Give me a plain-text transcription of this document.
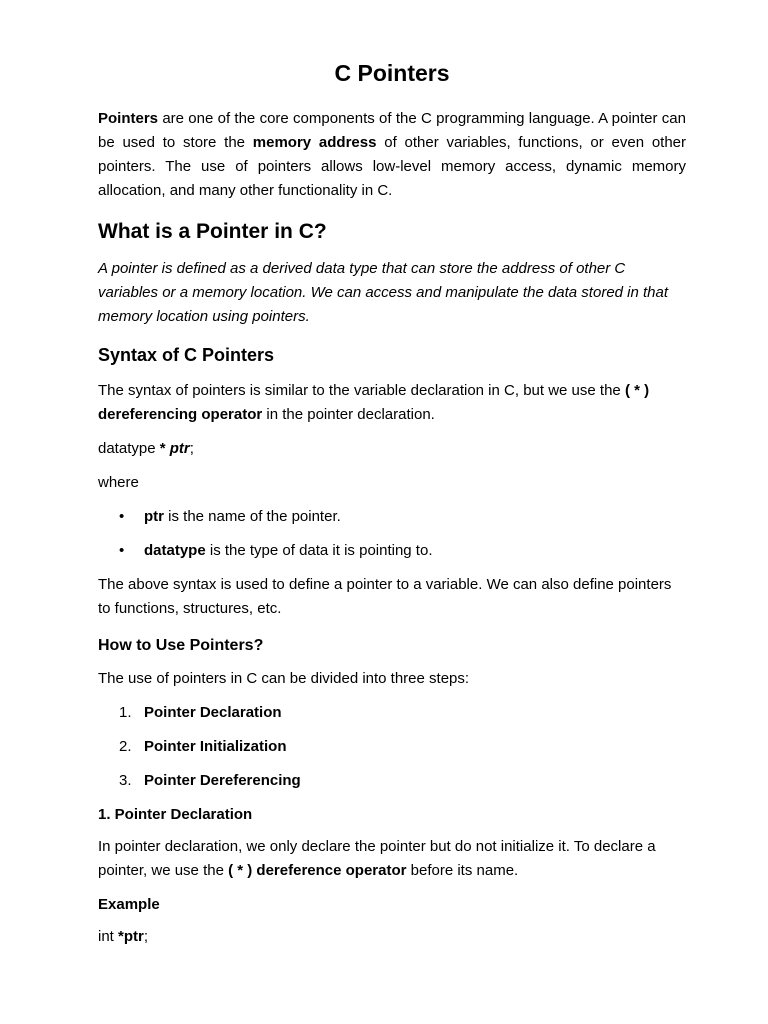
C Pointers

Pointers are one of the core components of the C programming language. A pointer can be used to store the memory address of other variables, functions, or even other pointers. The use of pointers allows low-level memory access, dynamic memory allocation, and many other functionality in C.

What is a Pointer in C?

A pointer is defined as a derived data type that can store the address of other C variables or a memory location. We can access and manipulate the data stored in that memory location using pointers.

Syntax of C Pointers

The syntax of pointers is similar to the variable declaration in C, but we use the ( * ) dereferencing operator in the pointer declaration.

datatype * ptr;

where

• ptr is the name of the pointer.
• datatype is the type of data it is pointing to.

The above syntax is used to define a pointer to a variable. We can also define pointers to functions, structures, etc.

How to Use Pointers?

The use of pointers in C can be divided into three steps:

1. Pointer Declaration
2. Pointer Initialization
3. Pointer Dereferencing

1. Pointer Declaration

In pointer declaration, we only declare the pointer but do not initialize it. To declare a pointer, we use the ( * ) dereference operator before its name.

Example

int *ptr;
